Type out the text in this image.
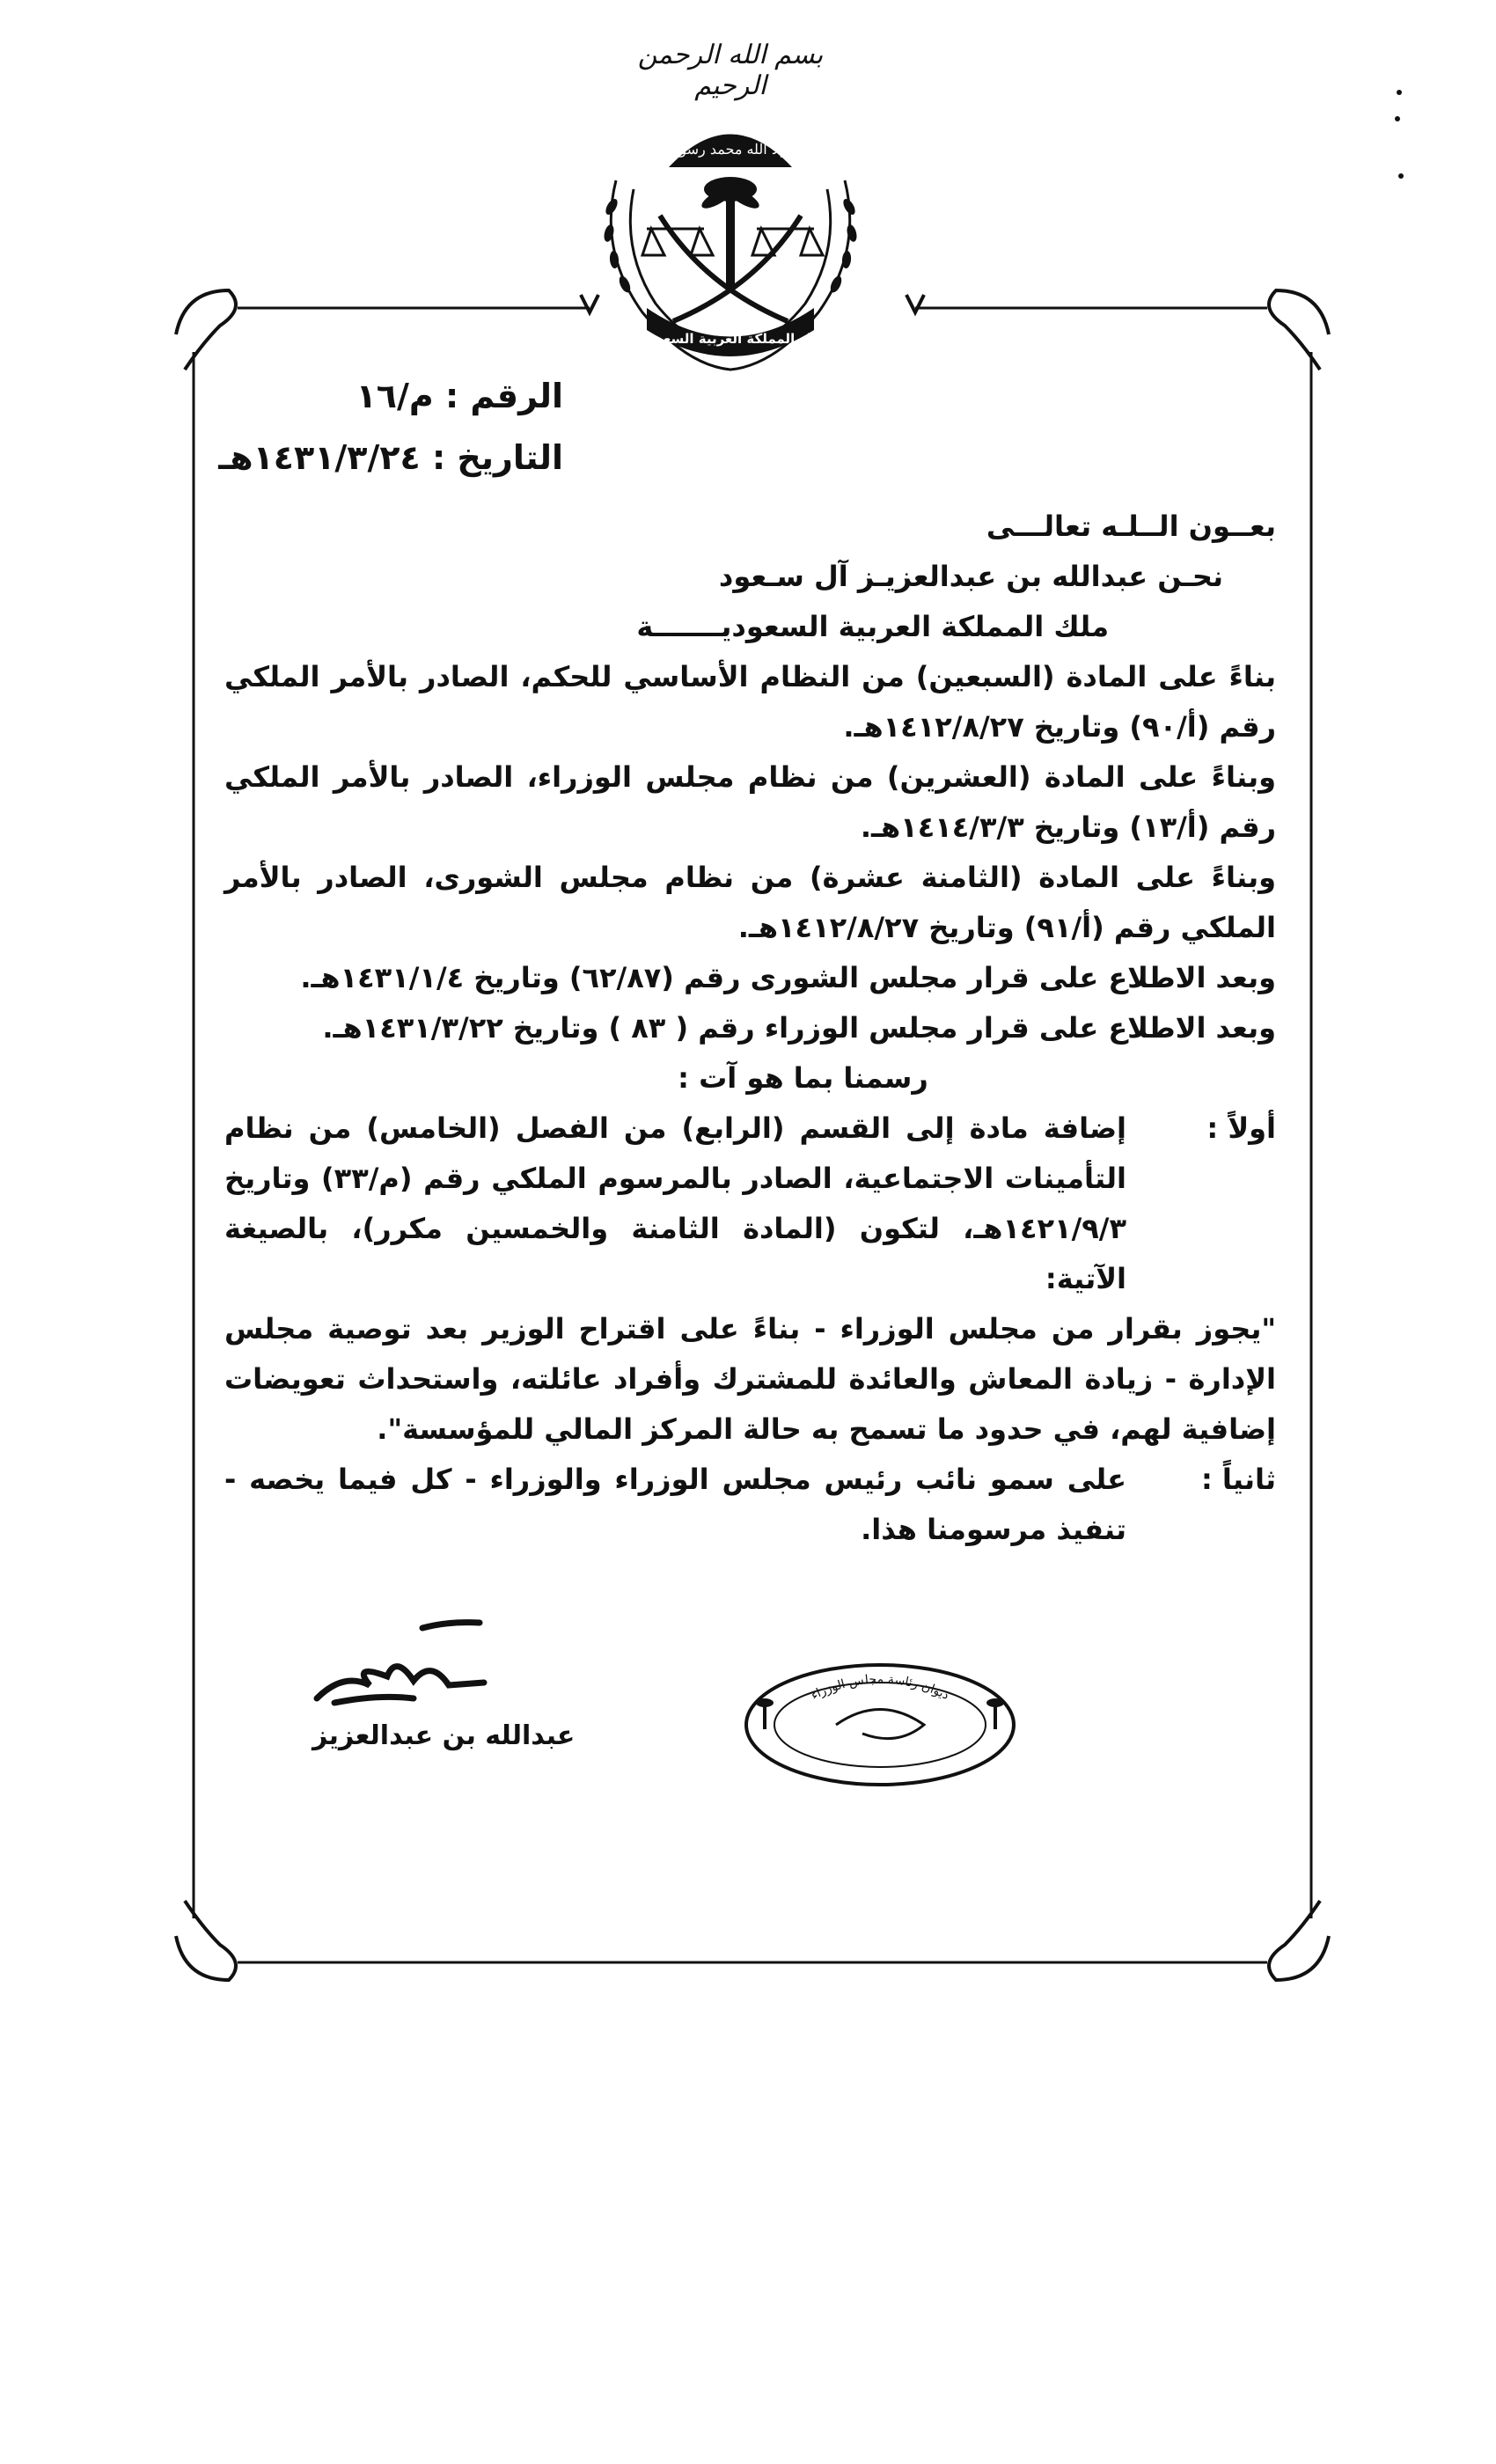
بسم الله الرحمن الرحيم
لا إله إلا الله محمد رسول الله
ملك المملكة العربية السعودية
الرقم : م/١٦
التاريخ : ١٤٣١/٣/٢٤هـ

بعــون الــلـه تعالـــى

نحـن عبدالله بن عبدالعزيـز آل سـعود

ملك المملكة العربية السعوديـــــــة

بناءً على المادة (السبعين) من النظام الأساسي للحكم، الصادر بالأمر الملكي رقم (أ/٩٠) وتاريخ ١٤١٢/٨/٢٧هـ.

وبناءً على المادة (العشرين) من نظام مجلس الوزراء، الصادر بالأمر الملكي رقم (أ/١٣) وتاريخ ١٤١٤/٣/٣هـ.

وبناءً على المادة (الثامنة عشرة) من نظام مجلس الشورى، الصادر بالأمر الملكي رقم (أ/٩١) وتاريخ ١٤١٢/٨/٢٧هـ.

وبعد الاطلاع على قرار مجلس الشورى رقم (٦٢/٨٧) وتاريخ ١٤٣١/١/٤هـ.

وبعد الاطلاع على قرار مجلس الوزراء رقم ( ٨٣ ) وتاريخ ١٤٣١/٣/٢٢هـ.

رسمنا بما هو آت :

أولاً :
إضافة مادة إلى القسم (الرابع) من الفصل (الخامس) من نظام التأمينات الاجتماعية، الصادر بالمرسوم الملكي رقم (م/٣٣) وتاريخ ١٤٢١/٩/٣هـ، لتكون (المادة الثامنة والخمسين مكرر)، بالصيغة الآتية:
"يجوز بقرار من مجلس الوزراء - بناءً على اقتراح الوزير بعد توصية مجلس الإدارة - زيادة المعاش والعائدة للمشترك وأفراد عائلته، واستحداث تعويضات إضافية لهم، في حدود ما تسمح به حالة المركز المالي للمؤسسة".
ثانياً :
على سمو نائب رئيس مجلس الوزراء والوزراء - كل فيما يخصه - تنفيذ مرسومنا هذا.
عبدالله بن عبدالعزيز
ديوان رئاسة مجلس الوزراء
